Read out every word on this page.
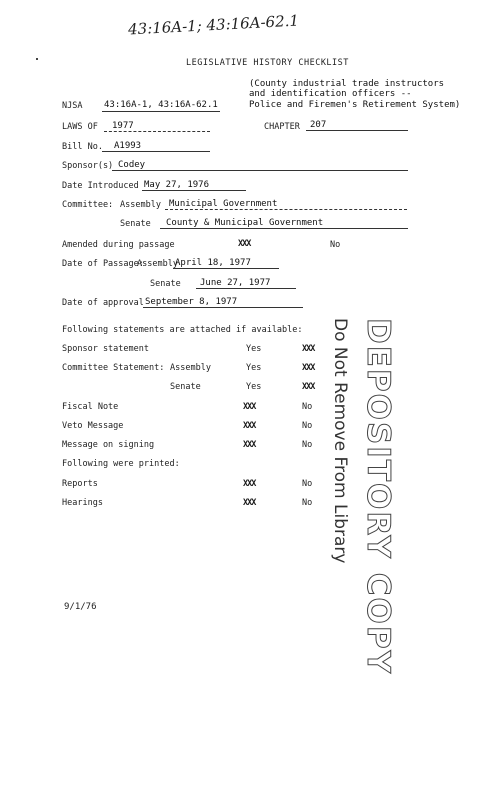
43:16A-1; 43:16A-62.1
LEGISLATIVE HISTORY CHECKLIST
(County industrial trade instructors
and identification officers --
NJSA 43:16A-1, 43:16A-62.1	Police and Firemen's Retirement System)
LAWS OF	1977	CHAPTER	207
Bill No.	A1993
Sponsor(s) Codey
Date Introduced May 27, 1976
Committee: Assembly Municipal Government
Senate	County & Municipal Government
Amended during passage	XXX	No
Date of Passage:
Assembly
April 18, 1977
Senate	June 27, 1977
Date of approval September 8, 1977
Following statements are attached if available:
Sponsor statement	Yes	XXX
Committee Statement: Assembly	Yes	XXX
Senate	Yes	XXX
Fiscal Note	XXX	No
Veto Message	XXX	No
Message on signing	XXX	No
Following were printed:
Reports	XXX	No
Hearings	XXX	No Do Not Remove From Library DEPOSITORY COPY
9/1/76
